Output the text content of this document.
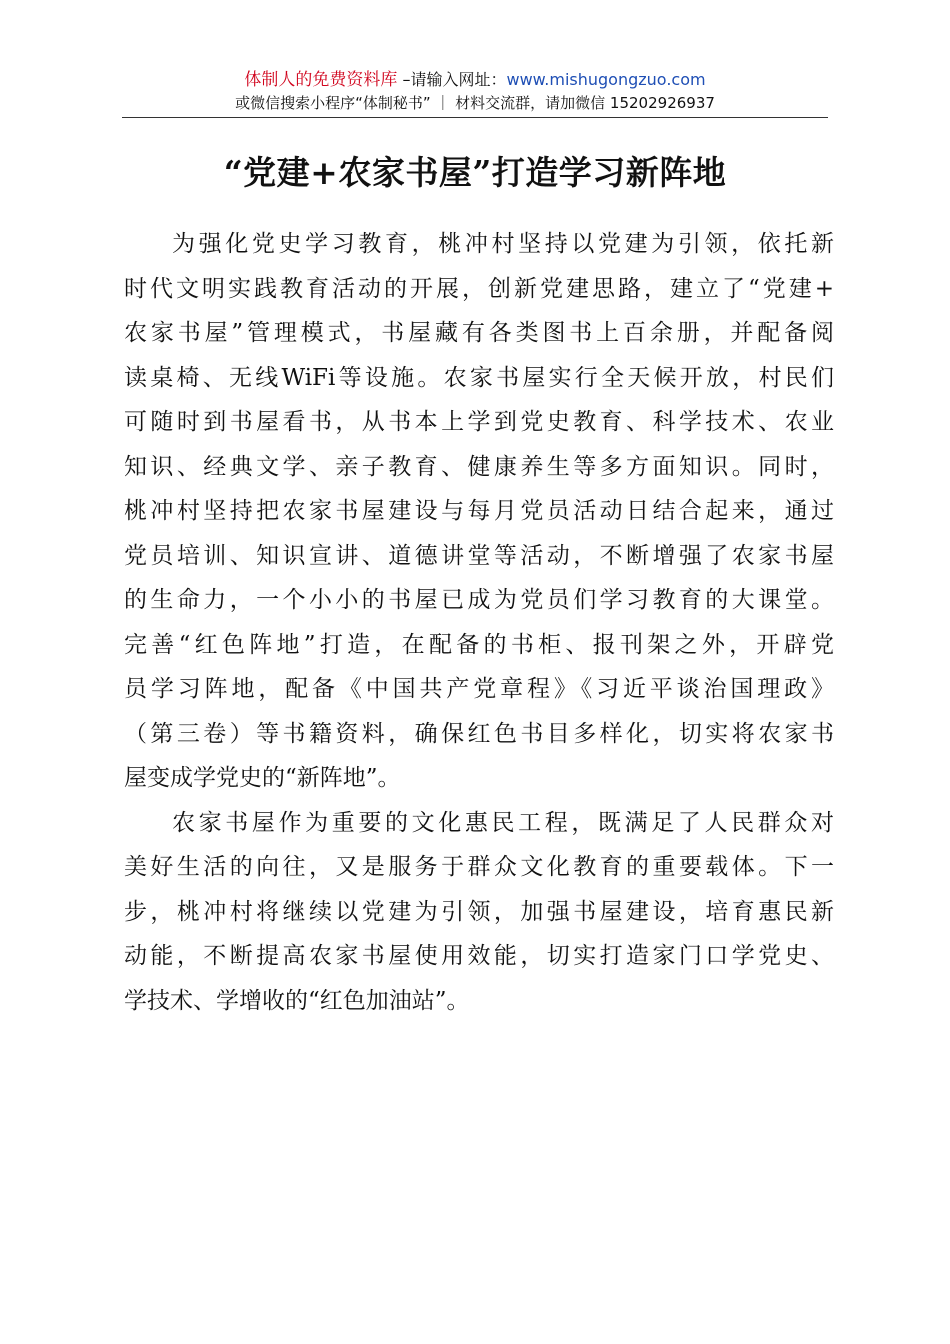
体制人的免费资料库 –请输入网址：www.mishugongzuo.com
或微信搜索小程序“体制秘书” ｜ 材料交流群，请加微信 15202926937
“党建+农家书屋”打造学习新阵地
为强化党史学习教育，桃冲村坚持以党建为引领，依托新
时代文明实践教育活动的开展，创新党建思路，建立了“党建+
农家书屋”管理模式，书屋藏有各类图书上百余册，并配备阅
读桌椅、无线WiFi等设施。农家书屋实行全天候开放，村民们
可随时到书屋看书，从书本上学到党史教育、科学技术、农业
知识、经典文学、亲子教育、健康养生等多方面知识。同时，
桃冲村坚持把农家书屋建设与每月党员活动日结合起来，通过
党员培训、知识宣讲、道德讲堂等活动，不断增强了农家书屋
的生命力，一个小小的书屋已成为党员们学习教育的大课堂。
完善“红色阵地”打造，在配备的书柜、报刊架之外，开辟党
员学习阵地，配备《中国共产党章程》《习近平谈治国理政》
（第三卷）等书籍资料，确保红色书目多样化，切实将农家书
屋变成学党史的“新阵地”。
农家书屋作为重要的文化惠民工程，既满足了人民群众对
美好生活的向往，又是服务于群众文化教育的重要载体。下一
步，桃冲村将继续以党建为引领，加强书屋建设，培育惠民新
动能，不断提高农家书屋使用效能，切实打造家门口学党史、
学技术、学增收的“红色加油站”。
